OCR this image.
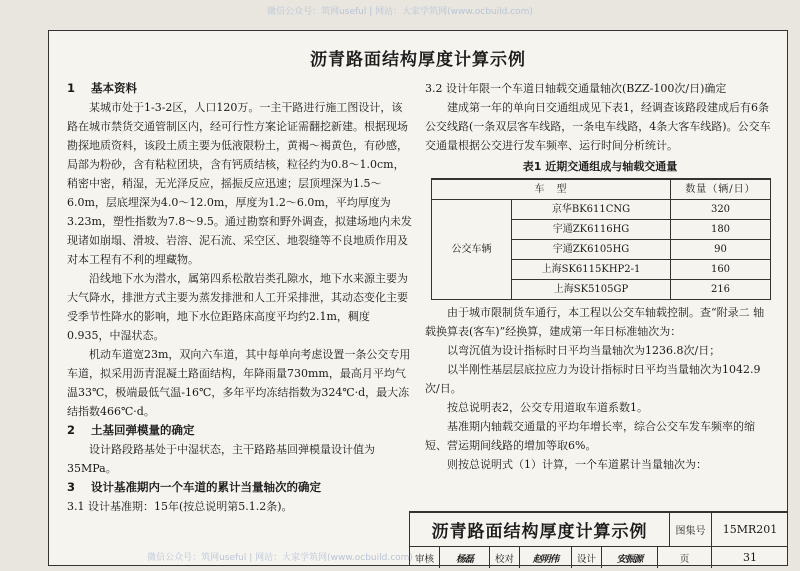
微信公众号：筑网useful | 网站：大家学筑网(www.ocbuild.com)
沥青路面结构厚度计算示例

1 基本资料

某城市处于1-3-2区，人口120万。一主干路进行施工图设计，该路在城市禁货交通管制区内，经可行性方案论证需翻挖新建。根据现场勘探地质资料，该段土质主要为低液限粉土，黄褐～褐黄色，有砂感，局部为粉砂，含有粘粒团块，含有钙质结核，粒径约为0.8～1.0cm，稍密中密，稍湿，无光泽反应，摇振反应迅速；层顶埋深为1.5～6.0m，层底埋深为4.0～12.0m，厚度为1.2～6.0m，平均厚度为3.23m，塑性指数为7.8～9.5。通过勘察和野外调查，拟建场地内未发现诸如崩塌、滑坡、岩溶、泥石流、采空区、地裂缝等不良地质作用及对本工程有不利的埋藏物。

沿线地下水为潜水，属第四系松散岩类孔隙水，地下水来源主要为大气降水，排泄方式主要为蒸发排泄和人工开采排泄，其动态变化主要受季节性降水的影响，地下水位距路床高度平均约2.1m，稠度0.935，中湿状态。

机动车道宽23m，双向六车道，其中每单向考虑设置一条公交专用车道，拟采用沥青混凝土路面结构，年降雨量730mm，最高月平均气温33℃，极端最低气温-16℃，多年平均冻结指数为324℃·d，最大冻结指数466℃·d。

2 土基回弹模量的确定

设计路段路基处于中湿状态，主干路路基回弹模量设计值为35MPa。

3 设计基准期内一个车道的累计当量轴次的确定

3.1 设计基准期：15年(按总说明第5.1.2条)。

3.2 设计年限一个车道日轴载交通量轴次(BZZ-100次/日)确定

建成第一年的单向日交通组成见下表1，经调查该路段建成后有6条公交线路(一条双层客车线路，一条电车线路，4条大客车线路)。公交车交通量根据公交进行发车频率、运行时间分析统计。

表1 近期交通组成与轴载交通量

车　型		数量（辆/日）
公交车辆	京华BK611CNG	320
	宇通ZK6116HG	180
	宇通ZK6105HG	90
	上海SK6115KHP2-1	160
	上海SK5105GP	216

由于城市限制货车通行，本工程以公交车轴载控制。查“附录二 轴载换算表(客车)”经换算，建成第一年日标准轴次为：

以弯沉值为设计指标时日平均当量轴次为1236.8次/日；

以半刚性基层层底拉应力为设计指标时日平均当量轴次为1042.9次/日。

按总说明表2，公交专用道取车道系数1。

基准期内轴载交通量的平均年增长率，综合公交车发车频率的缩短、营运期间线路的增加等取6%。

则按总说明式（1）计算，一个车道累计当量轴次为：

沥青路面结构厚度计算示例	图集号	15MR201
审核	杨磊	校对	赵明伟	设计	安振源	页	31
微信公众号：筑网useful | 网站：大家学筑网(www.ocbuild.com)
